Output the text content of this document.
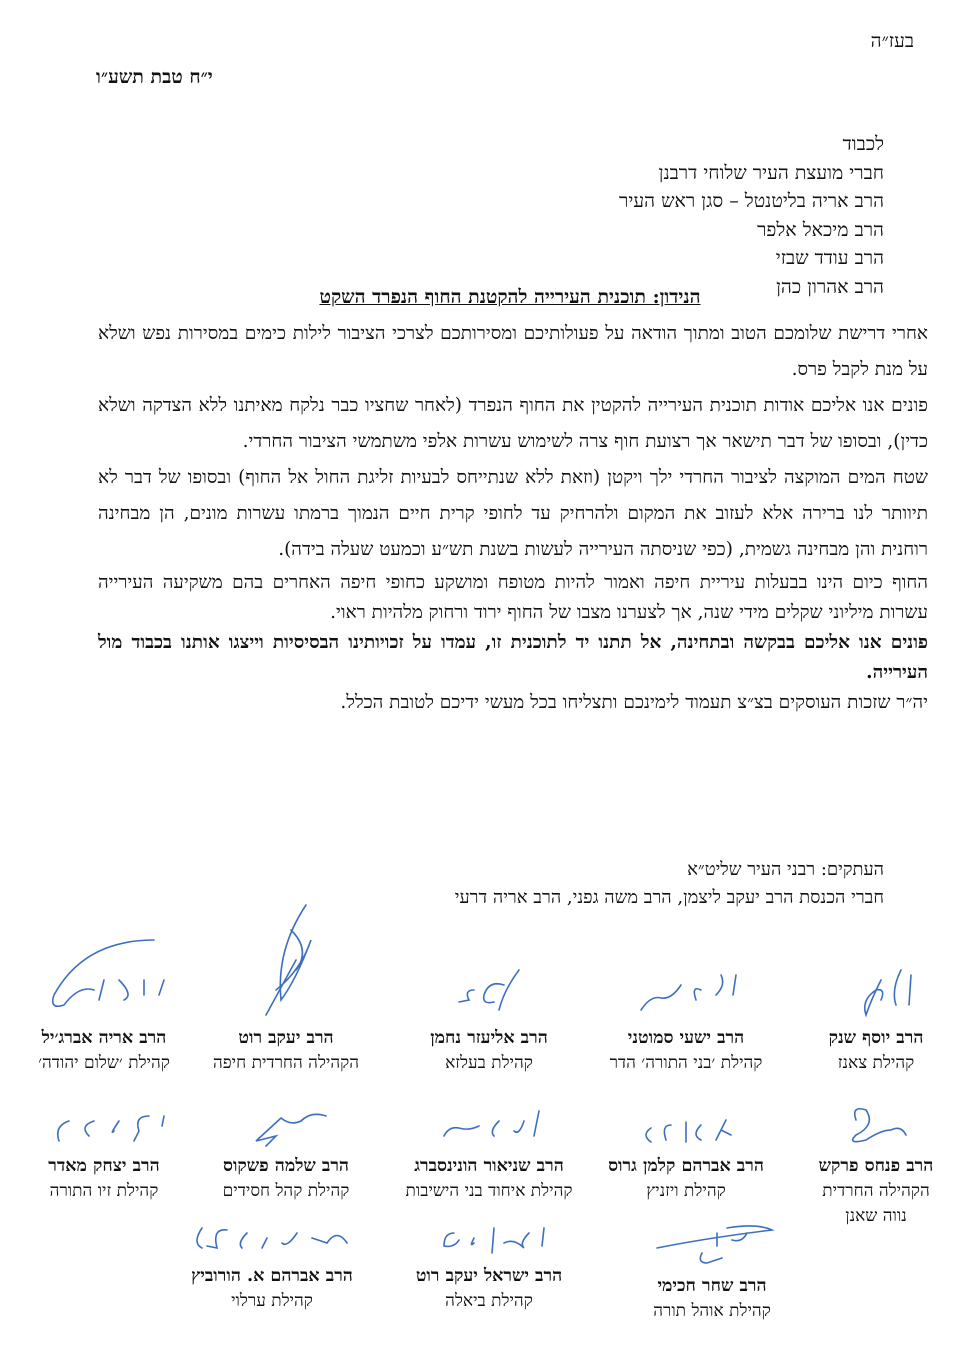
בעז״ה
י״ח טבת תשע״ו
לכבוד
חברי מועצת העיר שלוחי דרבנן
הרב אריה בליטנטל – סגן ראש העיר
הרב מיכאל אלפר
הרב עודד שבזי
הרב אהרון כהן
הנידון: תוכנית העירייה להקטנת החוף הנפרד השקט

אחרי דרישת שלומכם הטוב ומתוך הודאה על פעולותיכם ומסירותכם לצרכי הציבור לילות כימים במסירות נפש ושלא על מנת לקבל פרס.

פונים אנו אליכם אודות תוכנית העירייה להקטין את החוף הנפרד (לאחר שחציו כבר נלקח מאיתנו ללא הצדקה ושלא כדין), ובסופו של דבר תישאר אך רצועת חוף צרה לשימוש עשרות אלפי משתמשי הציבור החרדי.

שטח המים המוקצה לציבור החרדי ילך ויקטן (וזאת ללא שנתייחס לבעיות זליגת החול אל החוף) ובסופו של דבר לא תיוותר לנו ברירה אלא לעזוב את המקום ולהרחיק עד לחופי קרית חיים הנמוך ברמתו עשרות מונים, הן מבחינה רוחנית והן מבחינה גשמית, (כפי שניסתה העירייה לעשות בשנת תש״ע וכמעט שעלה בידה).

החוף כיום הינו בבעלות עיריית חיפה ואמור להיות מטופח ומושקע כחופי חיפה האחרים בהם משקיעה העירייה עשרות מיליוני שקלים מידי שנה, אך לצערנו מצבו של החוף ירוד ורחוק מלהיות ראוי.

פונים אנו אליכם בבקשה ובתחינה, אל תתנו יד לתוכנית זו, עמדו על זכויותינו הבסיסיות וייצגו אותנו בכבוד מול העירייה.

יה״ר שזכות העוסקים בצ״צ תעמוד לימינכם ותצליחו בכל מעשי ידיכם לטובת הכלל.

העתקים: רבני העיר שליט״א
חברי הכנסת הרב יעקב ליצמן, הרב משה גפני, הרב אריה דרעי
הרב יוסף שנק
קהילת צאנז
הרב ישעי סמוטני
קהילת ׳בני התורה׳ הדר
הרב אליעזר נחמן
קהילת בעלזא
הרב יעקב רוט
הקהילה החרדית חיפה
הרב אריה אברג׳יל
קהילת ׳שלום יהודה׳
הרב פנחס פרקש
הקהילה החרדית
נווה שאנן
הרב אברהם קלמן גרוס
קהילת ויזניץ
הרב שניאור הונינסברג
קהילת איחוד בני הישיבות
הרב שלמה פשקוס
קהילת קהל חסידים
הרב יצחק מאדר
קהילת זיו התורה
הרב שחר חכימי
קהילת אוהל תורה
הרב ישראל יעקב רוט
קהילת ביאלה
הרב אברהם א. הורוביץ
קהילת ערלוי
